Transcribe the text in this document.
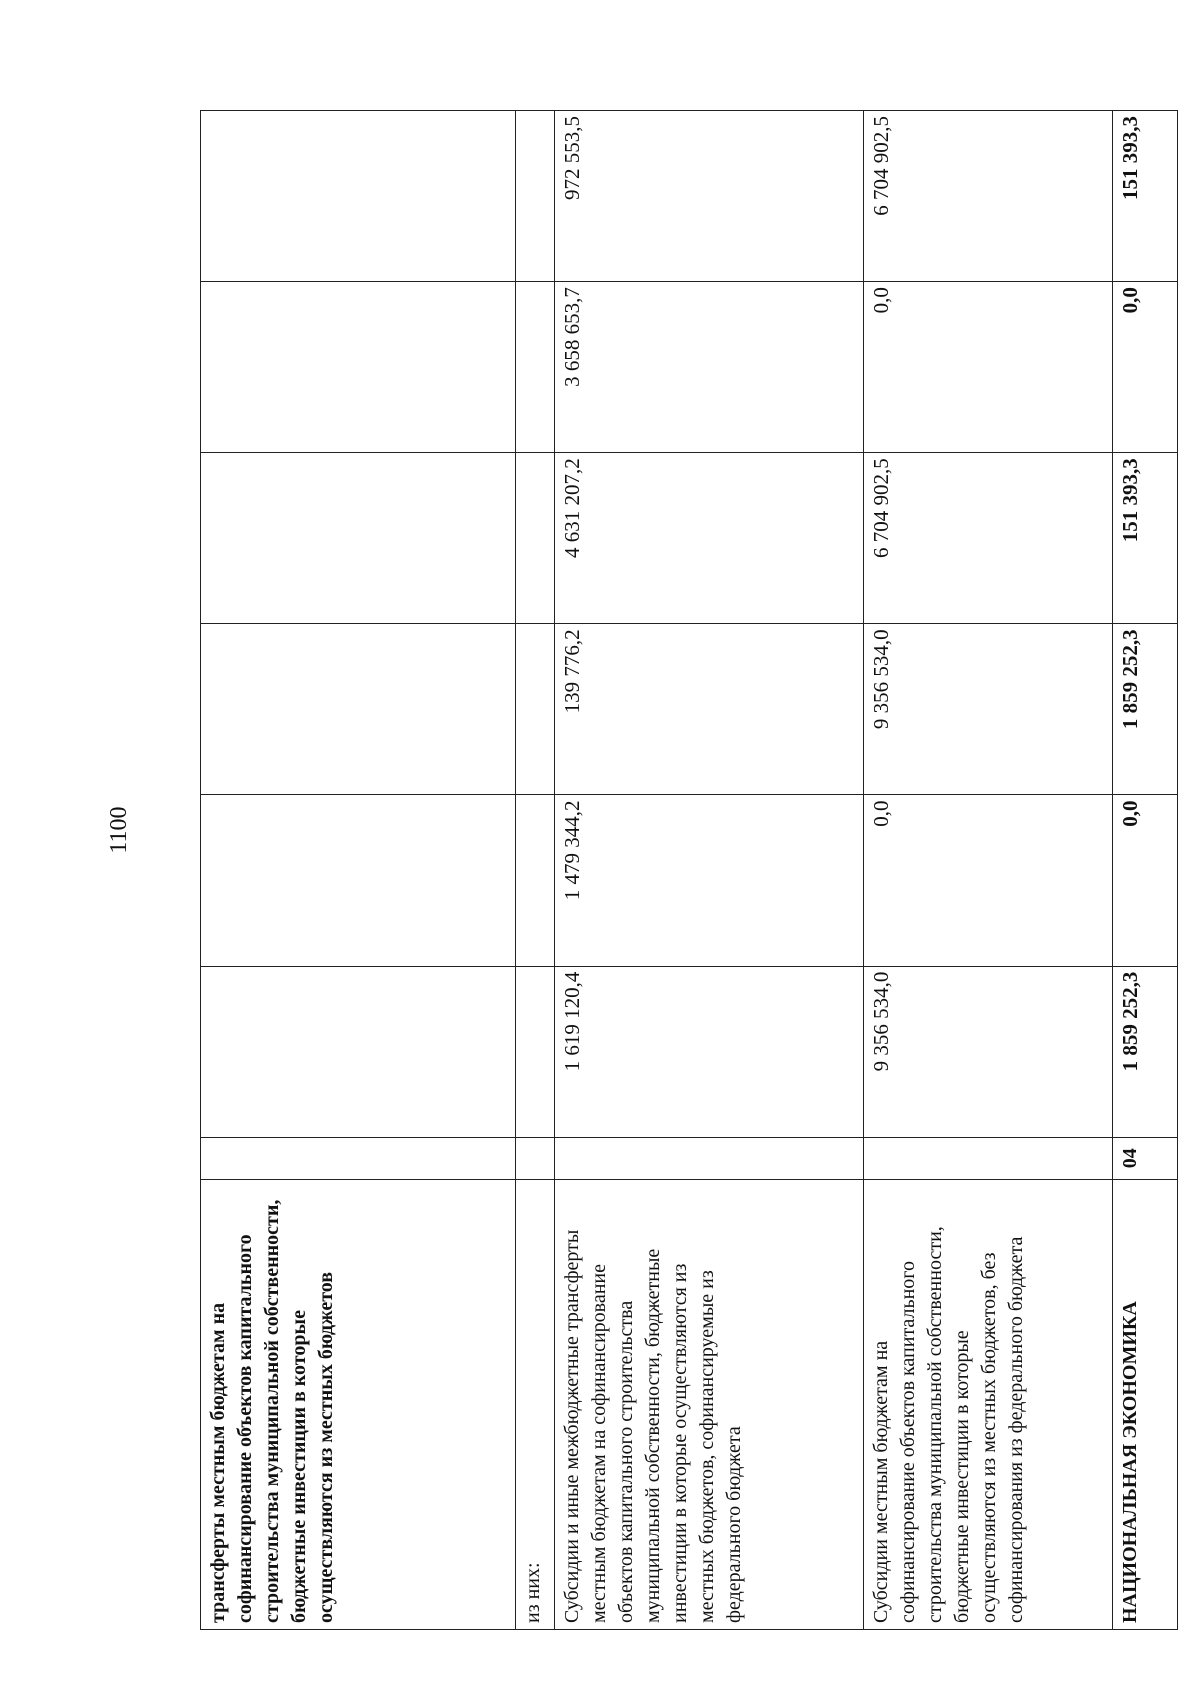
1100
трансферты местным бюджетам на софинансирование объектов капитального строительства муниципальной собственности, бюджетные инвестиции в которые осуществляются из местных бюджетов							
из них:							
Субсидии и иные межбюджетные трансферты местным бюджетам на софинансирование объектов капитального строительства муниципальной собственности, бюджетные инвестиции в которые осуществляются из местных бюджетов, софинансируемые из федерального бюджета		1 619 120,4	1 479 344,2	139 776,2	4 631 207,2	3 658 653,7	972 553,5
Субсидии местным бюджетам на софинансирование объектов капитального строительства муниципальной собственности, бюджетные инвестиции в которые осуществляются из местных бюджетов, без софинансирования из федерального бюджета		9 356 534,0	0,0	9 356 534,0	6 704 902,5	0,0	6 704 902,5
НАЦИОНАЛЬНАЯ ЭКОНОМИКА	04	1 859 252,3	0,0	1 859 252,3	151 393,3	0,0	151 393,3
